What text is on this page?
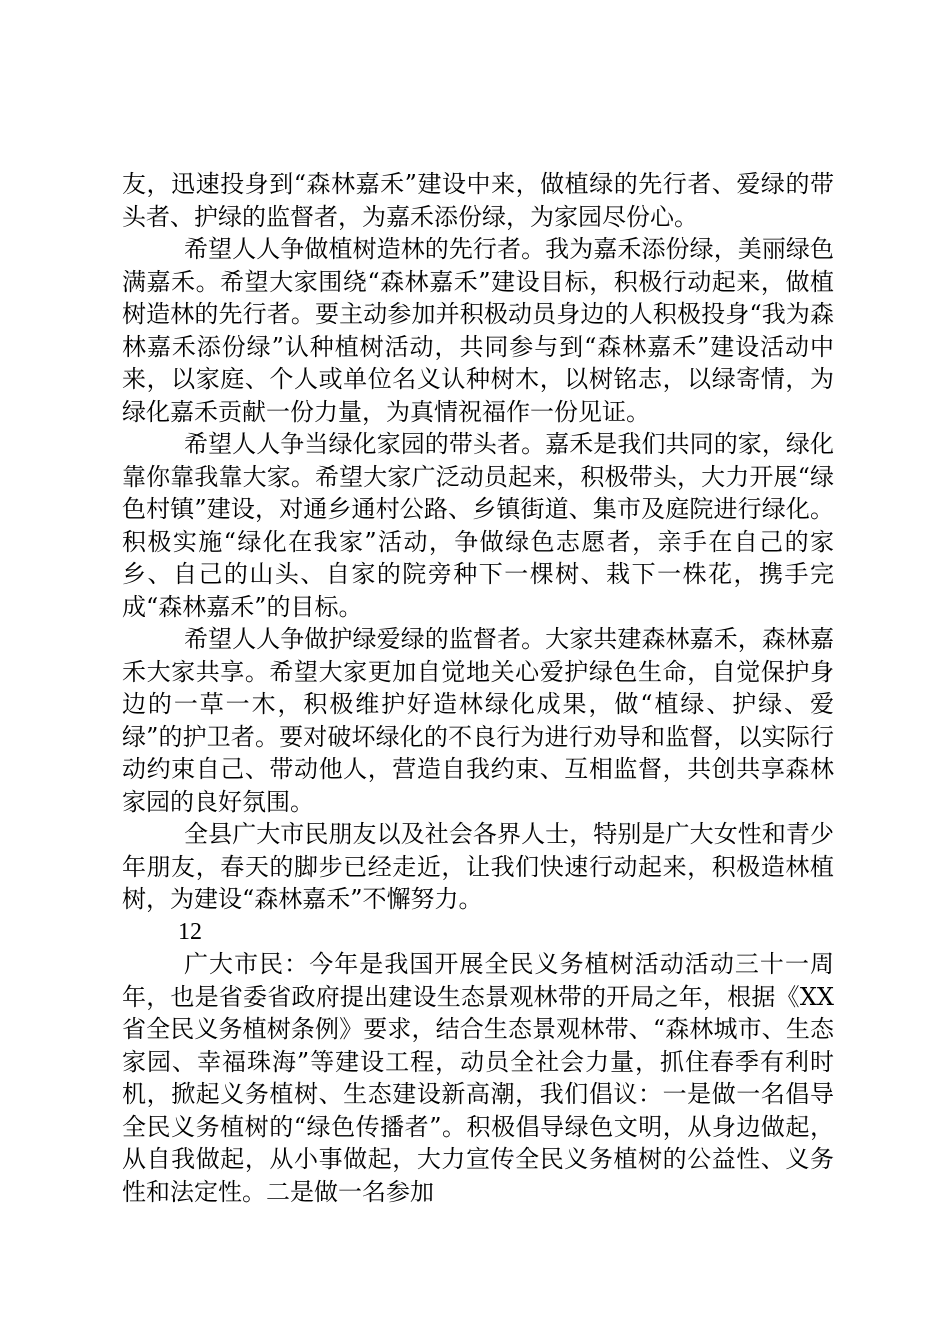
友，迅速投身到“森林嘉禾”建设中来，做植绿的先行者、爱绿的带头者、护绿的监督者，为嘉禾添份绿，为家园尽份心。

希望人人争做植树造林的先行者。我为嘉禾添份绿，美丽绿色满嘉禾。希望大家围绕“森林嘉禾”建设目标，积极行动起来，做植树造林的先行者。要主动参加并积极动员身边的人积极投身“我为森林嘉禾添份绿”认种植树活动，共同参与到“森林嘉禾”建设活动中来，以家庭、个人或单位名义认种树木，以树铭志，以绿寄情，为绿化嘉禾贡献一份力量，为真情祝福作一份见证。

希望人人争当绿化家园的带头者。嘉禾是我们共同的家，绿化靠你靠我靠大家。希望大家广泛动员起来，积极带头，大力开展“绿色村镇”建设，对通乡通村公路、乡镇街道、集市及庭院进行绿化。积极实施“绿化在我家”活动，争做绿色志愿者，亲手在自己的家乡、自己的山头、自家的院旁种下一棵树、栽下一株花，携手完成“森林嘉禾”的目标。

希望人人争做护绿爱绿的监督者。大家共建森林嘉禾，森林嘉禾大家共享。希望大家更加自觉地关心爱护绿色生命，自觉保护身边的一草一木，积极维护好造林绿化成果，做“植绿、护绿、爱绿”的护卫者。要对破坏绿化的不良行为进行劝导和监督，以实际行动约束自己、带动他人，营造自我约束、互相监督，共创共享森林家园的良好氛围。

全县广大市民朋友以及社会各界人士，特别是广大女性和青少年朋友，春天的脚步已经走近，让我们快速行动起来，积极造林植树，为建设“森林嘉禾”不懈努力。

12

广大市民：今年是我国开展全民义务植树活动活动三十一周年，也是省委省政府提出建设生态景观林带的开局之年，根据《XX省全民义务植树条例》要求，结合生态景观林带、“森林城市、生态家园、幸福珠海”等建设工程，动员全社会力量，抓住春季有利时机，掀起义务植树、生态建设新高潮，我们倡议：一是做一名倡导全民义务植树的“绿色传播者”。积极倡导绿色文明，从身边做起，从自我做起，从小事做起，大力宣传全民义务植树的公益性、义务性和法定性。二是做一名参加
